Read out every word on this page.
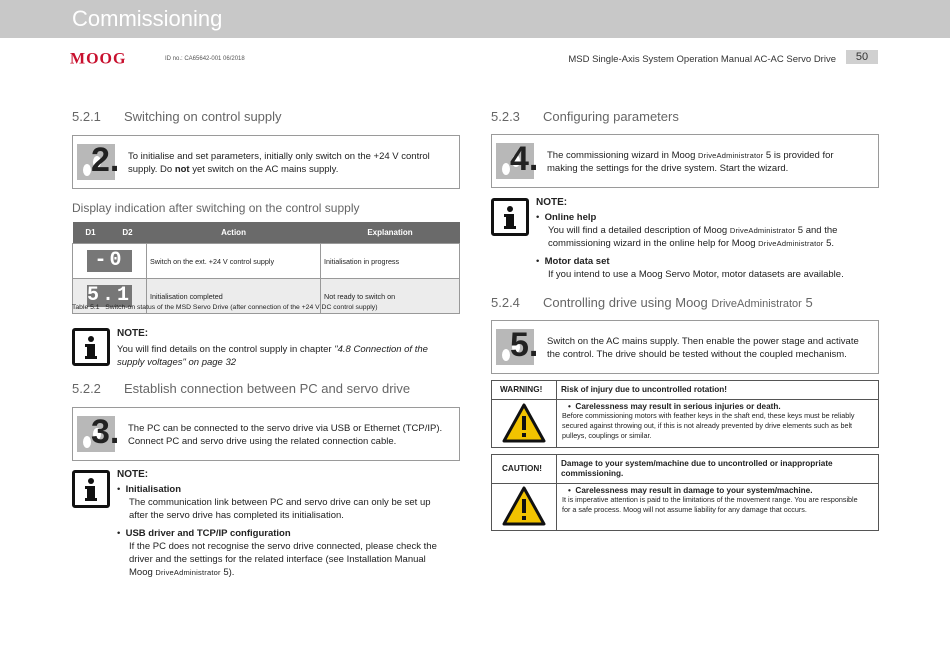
Commissioning
MOOG	ID no.: CA65642-001 06/2018	MSD Single-Axis System Operation Manual AC-AC Servo Drive	50
5.2.1 Switching on control supply
2. To initialise and set parameters, initially only switch on the +24 V control
supply. Do not yet switch on the AC mains supply.
Display indication after switching on the control supply
D1	D2	Action	Explanation

-0		Switch on the ext. +24 V control supply	Initialisation in progress

5.1		Initialisation completed	Not ready to switch on
Table 5.1 Switch-on status of the MSD Servo Drive (after connection of the +24 V DC control supply)
NOTE:
You will find details on the control supply in chapter "4.8 Connection of the
supply voltages" on page 32
5.2.2 Establish connection between PC and servo drive
3. The PC can be connected to the servo drive via USB or Ethernet (TCP/IP).
Connect PC and servo drive using the related connection cable.
NOTE:
•  Initialisation
The communication link between PC and servo drive can only be set up
after the servo drive has completed its initialisation.
•  USB driver and TCP/IP configuration
If the PC does not recognise the servo drive connected, please check the
driver and the settings for the related interface (see Installation Manual
Moog DriveAdministrator 5).
5.2.3 Configuring parameters
4. The commissioning wizard in Moog DriveAdministrator 5 is provided for
making the settings for the drive system. Start the wizard.
NOTE:
•  Online help
You will find a detailed description of Moog DriveAdministrator 5 and the
commissioning wizard in the online help for Moog DriveAdministrator 5.
•  Motor data set
If you intend to use a Moog Servo Motor, motor datasets are available.
5.2.4 Controlling drive using Moog DriveAdministrator 5
5. Switch on the AC mains supply. Then enable the power stage and activate
the control. The drive should be tested without the coupled mechanism.
WARNING! Risk of injury due to uncontrolled rotation!
•  Carelessness may result in serious injuries or death.
Before commissioning motors with feather keys in the shaft end, these keys must be reliably
secured against throwing out, if this is not already prevented by drive elements such as belt
pulleys, couplings or similar.
CAUTION!
Damage to your system/machine due to uncontrolled or inappropriate
commissioning.
•  Carelessness may result in damage to your system/machine.
It is imperative attention is paid to the limitations of the movement range. You are responsible
for a safe process. Moog will not assume liability for any damage that occurs.
